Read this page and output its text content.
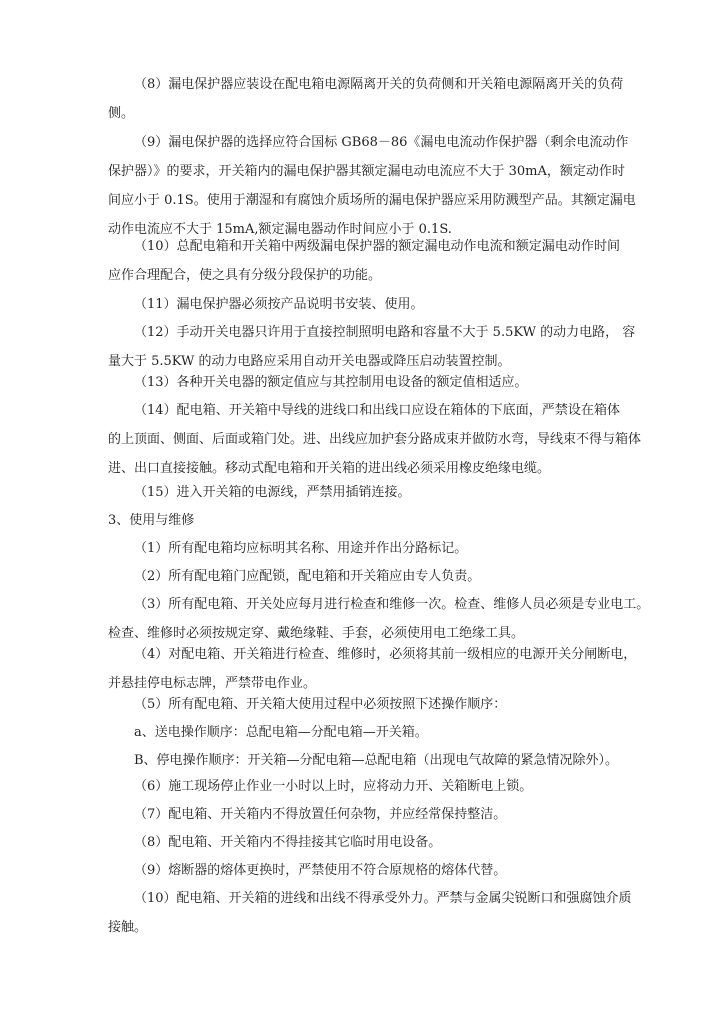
（8）漏电保护器应装设在配电箱电源隔离开关的负荷侧和开关箱电源隔离开关的负荷
侧。
（9）漏电保护器的选择应符合国标 GB68－86《漏电电流动作保护器（剩余电流动作
保护器）》的要求，开关箱内的漏电保护器其额定漏电动电流应不大于 30mA，额定动作时
间应小于 0.1S。使用于潮湿和有腐蚀介质场所的漏电保护器应采用防溅型产品。其额定漏电
动作电流应不大于 15mA,额定漏电器动作时间应小于 0.1S.
（10）总配电箱和开关箱中两级漏电保护器的额定漏电动作电流和额定漏电动作时间
应作合理配合，使之具有分级分段保护的功能。
（11）漏电保护器必须按产品说明书安装、使用。
（12）手动开关电器只许用于直接控制照明电路和容量不大于 5.5KW 的动力电路， 容
量大于 5.5KW 的动力电路应采用自动开关电器或降压启动装置控制。
（13）各种开关电器的额定值应与其控制用电设备的额定值相适应。
（14）配电箱、开关箱中导线的进线口和出线口应设在箱体的下底面，严禁设在箱体
的上顶面、侧面、后面或箱门处。进、出线应加护套分路成束并做防水弯，导线束不得与箱体
进、出口直接接触。移动式配电箱和开关箱的进出线必须采用橡皮绝缘电缆。
（15）进入开关箱的电源线，严禁用插销连接。
3、使用与维修
（1）所有配电箱均应标明其名称、用途并作出分路标记。
（2）所有配电箱门应配锁，配电箱和开关箱应由专人负责。
（3）所有配电箱、开关处应每月进行检查和维修一次。检查、维修人员必须是专业电工。
检查、维修时必须按规定穿、戴绝缘鞋、手套，必须使用电工绝缘工具。
（4）对配电箱、开关箱进行检查、维修时，必须将其前一级相应的电源开关分闸断电，
并悬挂停电标志牌，严禁带电作业。
（5）所有配电箱、开关箱大使用过程中必须按照下述操作顺序：
a、送电操作顺序：总配电箱—分配电箱—开关箱。
B、停电操作顺序：开关箱—分配电箱—总配电箱（出现电气故障的紧急情况除外）。
（6）施工现场停止作业一小时以上时，应将动力开、关箱断电上锁。
（7）配电箱、开关箱内不得放置任何杂物，并应经常保持整洁。
（8）配电箱、开关箱内不得挂接其它临时用电设备。
（9）熔断器的熔体更换时，严禁使用不符合原规格的熔体代替。
（10）配电箱、开关箱的进线和出线不得承受外力。严禁与金属尖锐断口和强腐蚀介质
接触。
